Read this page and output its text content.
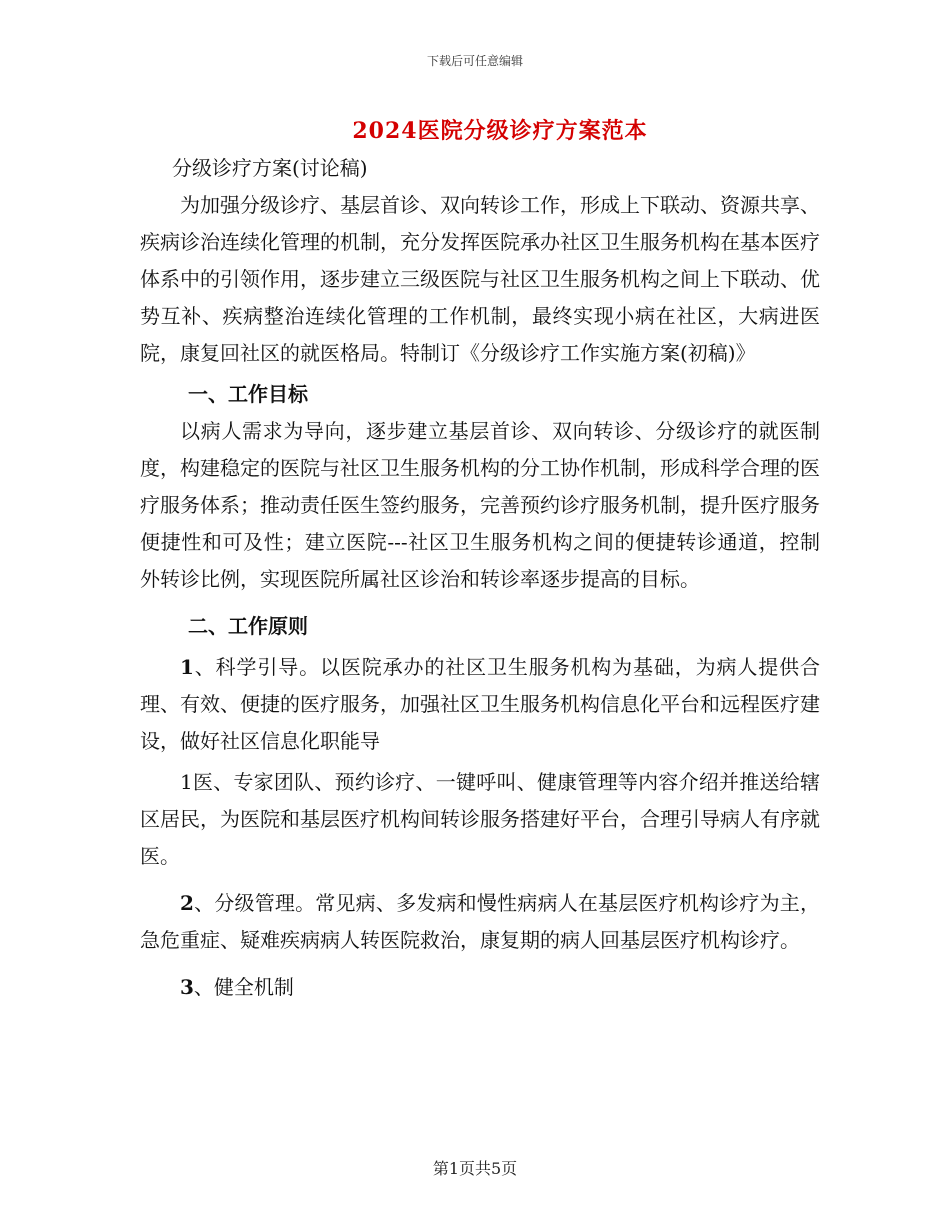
下载后可任意编辑
2024医院分级诊疗方案范本

分级诊疗方案(讨论稿)

为加强分级诊疗、基层首诊、双向转诊工作，形成上下联动、资源共享、疾病诊治连续化管理的机制，充分发挥医院承办社区卫生服务机构在基本医疗体系中的引领作用，逐步建立三级医院与社区卫生服务机构之间上下联动、优势互补、疾病整治连续化管理的工作机制，最终实现小病在社区，大病进医院，康复回社区的就医格局。特制订《分级诊疗工作实施方案(初稿)》

一、工作目标

以病人需求为导向，逐步建立基层首诊、双向转诊、分级诊疗的就医制度，构建稳定的医院与社区卫生服务机构的分工协作机制，形成科学合理的医疗服务体系；推动责任医生签约服务，完善预约诊疗服务机制，提升医疗服务便捷性和可及性；建立医院---社区卫生服务机构之间的便捷转诊通道，控制外转诊比例，实现医院所属社区诊治和转诊率逐步提高的目标。

二、工作原则

1、科学引导。以医院承办的社区卫生服务机构为基础，为病人提供合理、有效、便捷的医疗服务，加强社区卫生服务机构信息化平台和远程医疗建设，做好社区信息化职能导

1医、专家团队、预约诊疗、一键呼叫、健康管理等内容介绍并推送给辖区居民，为医院和基层医疗机构间转诊服务搭建好平台，合理引导病人有序就医。

2、分级管理。常见病、多发病和慢性病病人在基层医疗机构诊疗为主，急危重症、疑难疾病病人转医院救治，康复期的病人回基层医疗机构诊疗。

3、健全机制

第1页共5页
